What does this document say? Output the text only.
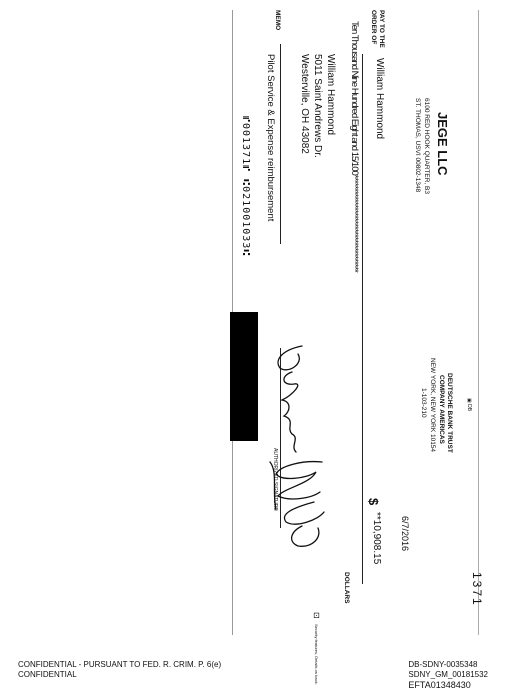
1371
JEGE LLC
6100 RED HOOK QUARTER, B3
ST. THOMAS, USVI 00802-1348
▣ DB
DEUTSCHE BANK TRUST
COMPANY AMERICAS
NEW YORK, NEW YORK 10154
1-103-210
6/7/2016
PAY TO THE
ORDER OF
William Hammond
$
**10,908.15
Ten Thousand Nine Hundred Eight and 15/100************************************
DOLLARS
⊡
Security features. Details on back.
William Hammond
5011 Saint Andrews Dr.
Westerville, OH 43082
MEMO
Pilot Service & Expense reimbursement
⑈001371⑈ ⑆021001033⑆
AUTHORIZED SIGNATURE
CONFIDENTIAL - PURSUANT TO FED. R. CRIM. P. 6(e)
CONFIDENTIAL
DB-SDNY-0035348
SDNY_GM_00181532
EFTA01348430
